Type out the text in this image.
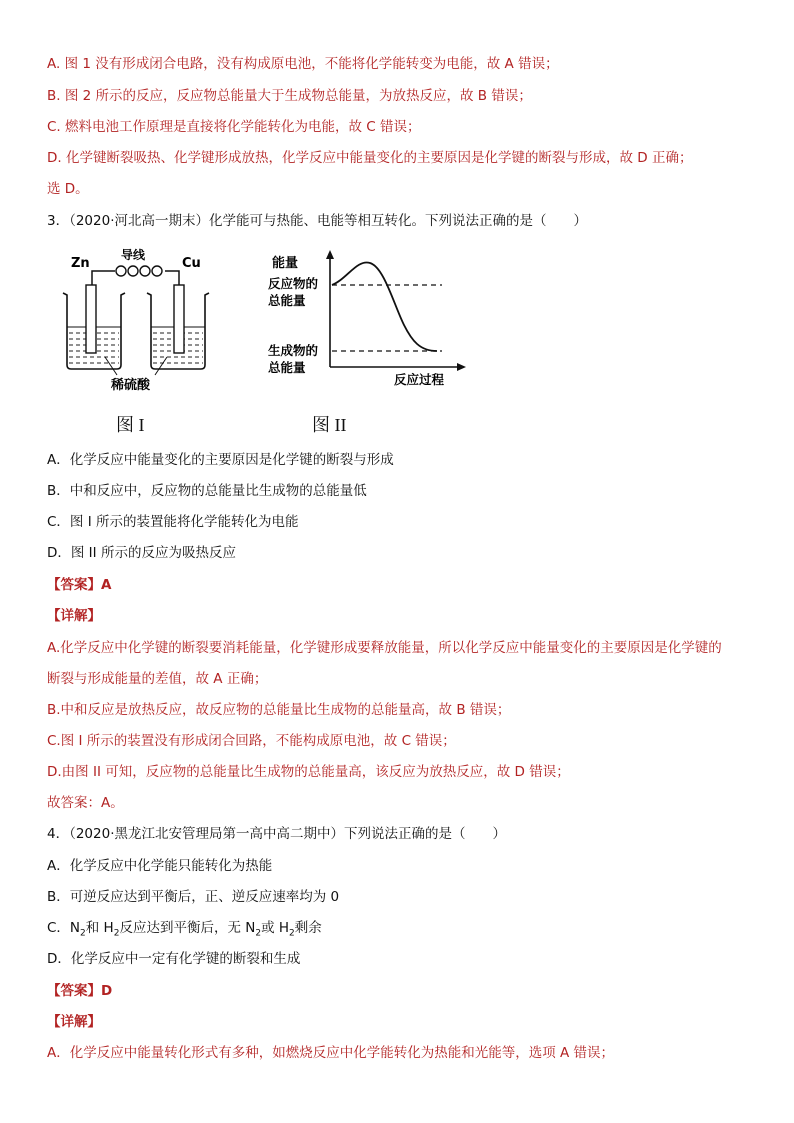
A. 图 1 没有形成闭合电路，没有构成原电池，不能将化学能转变为电能，故 A 错误；
B. 图 2 所示的反应，反应物总能量大于生成物总能量，为放热反应，故 B 错误；
C. 燃料电池工作原理是直接将化学能转化为电能，故 C 错误；
D. 化学键断裂吸热、化学键形成放热，化学反应中能量变化的主要原因是化学键的断裂与形成，故 D 正确；
选 D。
3．（2020·河北高一期末）化学能可与热能、电能等相互转化。下列说法正确的是（　　）
Zn	Cu
导线
稀硫酸
图 I
能量
反应物的
总能量
生成物的
总能量
反应过程
图 II
A．化学反应中能量变化的主要原因是化学键的断裂与形成
B．中和反应中，反应物的总能量比生成物的总能量低
C．图 I 所示的装置能将化学能转化为电能
D．图 II 所示的反应为吸热反应
【答案】A
【详解】
A.化学反应中化学键的断裂要消耗能量，化学键形成要释放能量，所以化学反应中能量变化的主要原因是化学键的
断裂与形成能量的差值，故 A 正确；
B.中和反应是放热反应，故反应物的总能量比生成物的总能量高，故 B 错误；
C.图 I 所示的装置没有形成闭合回路，不能构成原电池，故 C 错误；
D.由图 II 可知，反应物的总能量比生成物的总能量高，该反应为放热反应，故 D 错误；
故答案：A。
4．（2020·黑龙江北安管理局第一高中高二期中）下列说法正确的是（　　）
A．化学反应中化学能只能转化为热能
B．可逆反应达到平衡后，正、逆反应速率均为 0
C．$N_2$和 $H_2$反应达到平衡后，无 $N_2$或 $H_2$剩余
D．化学反应中一定有化学键的断裂和生成
【答案】D
【详解】
A．化学反应中能量转化形式有多种，如燃烧反应中化学能转化为热能和光能等，选项 A 错误；
